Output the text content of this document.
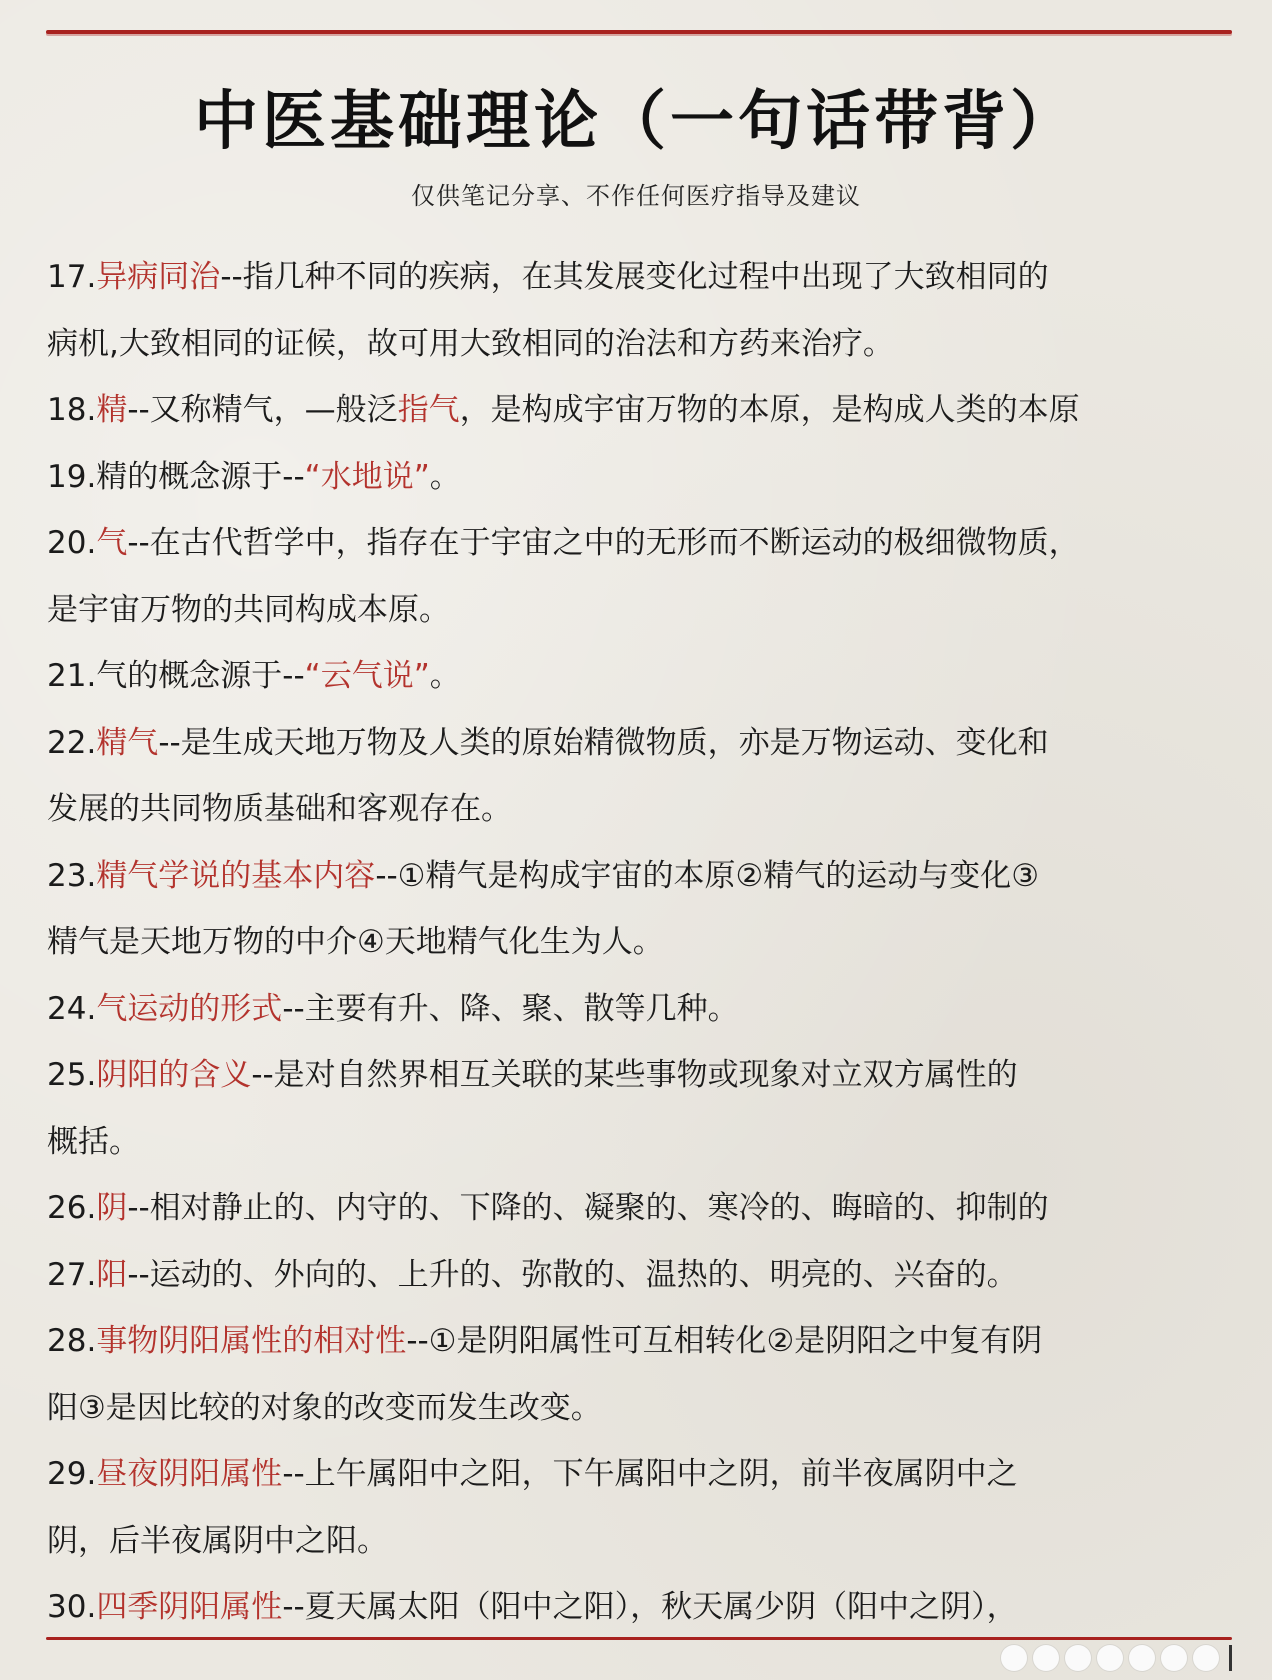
中医基础理论（一句话带背）
仅供笔记分享、不作任何医疗指导及建议
17.异病同治--指几种不同的疾病，在其发展变化过程中出现了大致相同的
病机,大致相同的证候，故可用大致相同的治法和方药来治疗。
18.精--又称精气，—般泛指气，是构成宇宙万物的本原，是构成人类的本原
19.精的概念源于--“水地说”。
20.气--在古代哲学中，指存在于宇宙之中的无形而不断运动的极细微物质，
是宇宙万物的共同构成本原。
21.气的概念源于--“云气说”。
22.精气--是生成天地万物及人类的原始精微物质，亦是万物运动、变化和
发展的共同物质基础和客观存在。
23.精气学说的基本内容--①精气是构成宇宙的本原②精气的运动与变化③
精气是天地万物的中介④天地精气化生为人。
24.气运动的形式--主要有升、降、聚、散等几种。
25.阴阳的含义--是对自然界相互关联的某些事物或现象对立双方属性的
概括。
26.阴--相对静止的、内守的、下降的、凝聚的、寒冷的、晦暗的、抑制的
27.阳--运动的、外向的、上升的、弥散的、温热的、明亮的、兴奋的。
28.事物阴阳属性的相对性--①是阴阳属性可互相转化②是阴阳之中复有阴
阳③是因比较的对象的改变而发生改变。
29.昼夜阴阳属性--上午属阳中之阳，下午属阳中之阴，前半夜属阴中之
阴，后半夜属阴中之阳。
30.四季阴阳属性--夏天属太阳（阳中之阳），秋天属少阴（阳中之阴），
